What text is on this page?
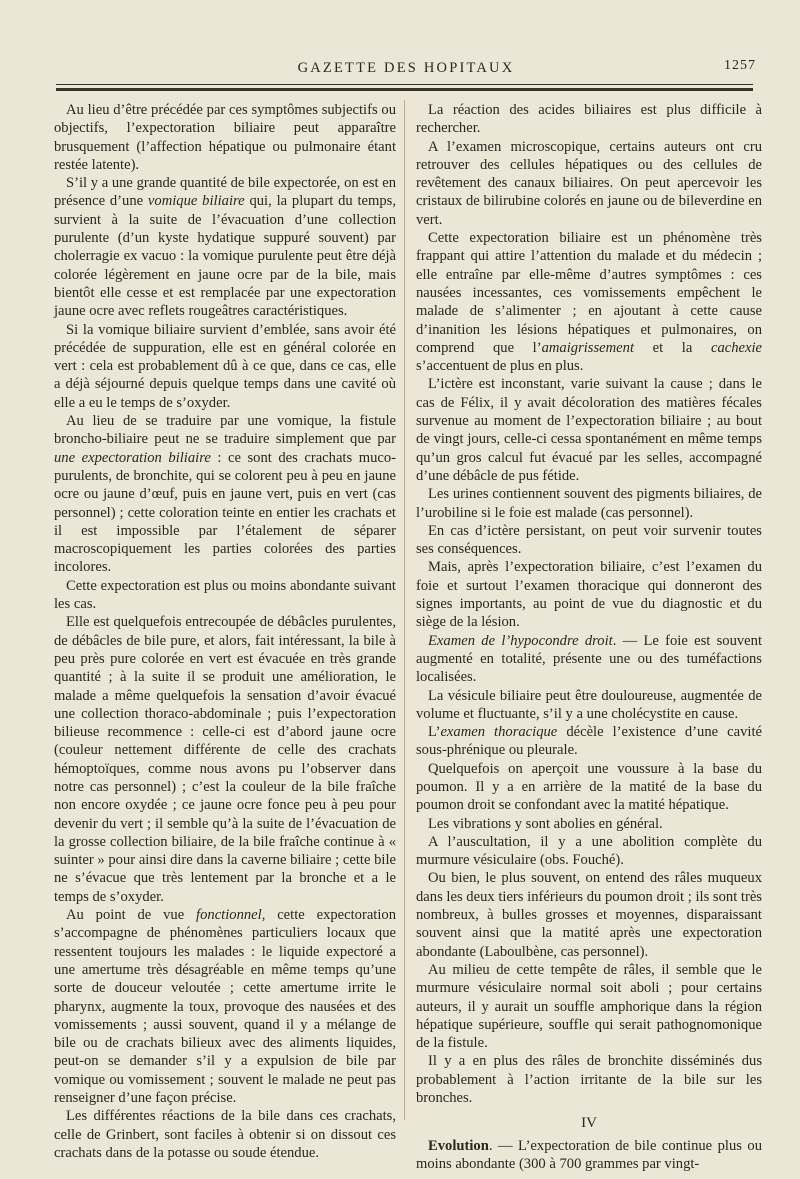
GAZETTE DES HOPITAUX	1257

Au lieu d’être précédée par ces symptômes subjectifs ou objectifs, l’expectoration biliaire peut apparaître brusquement (l’affection hépatique ou pulmonaire étant restée latente).

S’il y a une grande quantité de bile expectorée, on est en présence d’une vomique biliaire qui, la plupart du temps, survient à la suite de l’évacuation d’une collection purulente (d’un kyste hydatique suppuré souvent) par cholerragie ex vacuo : la vomique purulente peut être déjà colorée légèrement en jaune ocre par de la bile, mais bientôt elle cesse et est remplacée par une expectoration jaune ocre avec reflets rougeâtres caractéristiques.

Si la vomique biliaire survient d’emblée, sans avoir été précédée de suppuration, elle est en général colorée en vert : cela est probablement dû à ce que, dans ce cas, elle a déjà séjourné depuis quelque temps dans une cavité où elle a eu le temps de s’oxyder.

Au lieu de se traduire par une vomique, la fistule broncho-biliaire peut ne se traduire simplement que par une expectoration biliaire : ce sont des crachats muco-purulents, de bronchite, qui se colorent peu à peu en jaune ocre ou jaune d’œuf, puis en jaune vert, puis en vert (cas personnel) ; cette coloration teinte en entier les crachats et il est impossible par l’étalement de séparer macroscopiquement les parties colorées des parties incolores.

Cette expectoration est plus ou moins abondante suivant les cas.

Elle est quelquefois entrecoupée de débâcles purulentes, de débâcles de bile pure, et alors, fait intéressant, la bile à peu près pure colorée en vert est évacuée en très grande quantité ; à la suite il se produit une amélioration, le malade a même quelquefois la sensation d’avoir évacué une collection thoraco-abdominale ; puis l’expectoration bilieuse recommence : celle-ci est d’abord jaune ocre (couleur nettement différente de celle des crachats hémoptoïques, comme nous avons pu l’observer dans notre cas personnel) ; c’est la couleur de la bile fraîche non encore oxydée ; ce jaune ocre fonce peu à peu pour devenir du vert ; il semble qu’à la suite de l’évacuation de la grosse collection biliaire, de la bile fraîche continue à « suinter » pour ainsi dire dans la caverne biliaire ; cette bile ne s’évacue que très lentement par la bronche et a le temps de s’oxyder.

Au point de vue fonctionnel, cette expectoration s’accompagne de phénomènes particuliers locaux que ressentent toujours les malades : le liquide expectoré a une amertume très désagréable en même temps qu’une sorte de douceur veloutée ; cette amertume irrite le pharynx, augmente la toux, provoque des nausées et des vomissements ; aussi souvent, quand il y a mélange de bile ou de crachats bilieux avec des aliments liquides, peut-on se demander s’il y a expulsion de bile par vomique ou vomissement ; souvent le malade ne peut pas renseigner d’une façon précise.

Les différentes réactions de la bile dans ces crachats, celle de Grinbert, sont faciles à obtenir si on dissout ces crachats dans de la potasse ou soude étendue.

La réaction des acides biliaires est plus difficile à rechercher.

A l’examen microscopique, certains auteurs ont cru retrouver des cellules hépatiques ou des cellules de revêtement des canaux biliaires. On peut apercevoir les cristaux de bilirubine colorés en jaune ou de bileverdine en vert.

Cette expectoration biliaire est un phénomène très frappant qui attire l’attention du malade et du médecin ; elle entraîne par elle-même d’autres symptômes : ces nausées incessantes, ces vomissements empêchent le malade de s’alimenter ; en ajoutant à cette cause d’inanition les lésions hépatiques et pulmonaires, on comprend que l’amaigrissement et la cachexie s’accentuent de plus en plus.

L’ictère est inconstant, varie suivant la cause ; dans le cas de Félix, il y avait décoloration des matières fécales survenue au moment de l’expectoration biliaire ; au bout de vingt jours, celle-ci cessa spontanément en même temps qu’un gros calcul fut évacué par les selles, accompagné d’une débâcle de pus fétide.

Les urines contiennent souvent des pigments biliaires, de l’urobiline si le foie est malade (cas personnel).

En cas d’ictère persistant, on peut voir survenir toutes ses conséquences.

Mais, après l’expectoration biliaire, c’est l’examen du foie et surtout l’examen thoracique qui donneront des signes importants, au point de vue du diagnostic et du siège de la lésion.

Examen de l’hypocondre droit. — Le foie est souvent augmenté en totalité, présente une ou des tuméfactions localisées.

La vésicule biliaire peut être douloureuse, augmentée de volume et fluctuante, s’il y a une cholécystite en cause.

L’examen thoracique décèle l’existence d’une cavité sous-phrénique ou pleurale.

Quelquefois on aperçoit une voussure à la base du poumon. Il y a en arrière de la matité de la base du poumon droit se confondant avec la matité hépatique.

Les vibrations y sont abolies en général.

A l’auscultation, il y a une abolition complète du murmure vésiculaire (obs. Fouché).

Ou bien, le plus souvent, on entend des râles muqueux dans les deux tiers inférieurs du poumon droit ; ils sont très nombreux, à bulles grosses et moyennes, disparaissant souvent ainsi que la matité après une expectoration abondante (Laboulbène, cas personnel).

Au milieu de cette tempête de râles, il semble que le murmure vésiculaire normal soit aboli ; pour certains auteurs, il y aurait un souffle amphorique dans la région hépatique supérieure, souffle qui serait pathognomonique de la fistule.

Il y a en plus des râles de bronchite disséminés dus probablement à l’action irritante de la bile sur les bronches.

IV

Evolution. — L’expectoration de bile continue plus ou moins abondante (300 à 700 grammes par vingt-
